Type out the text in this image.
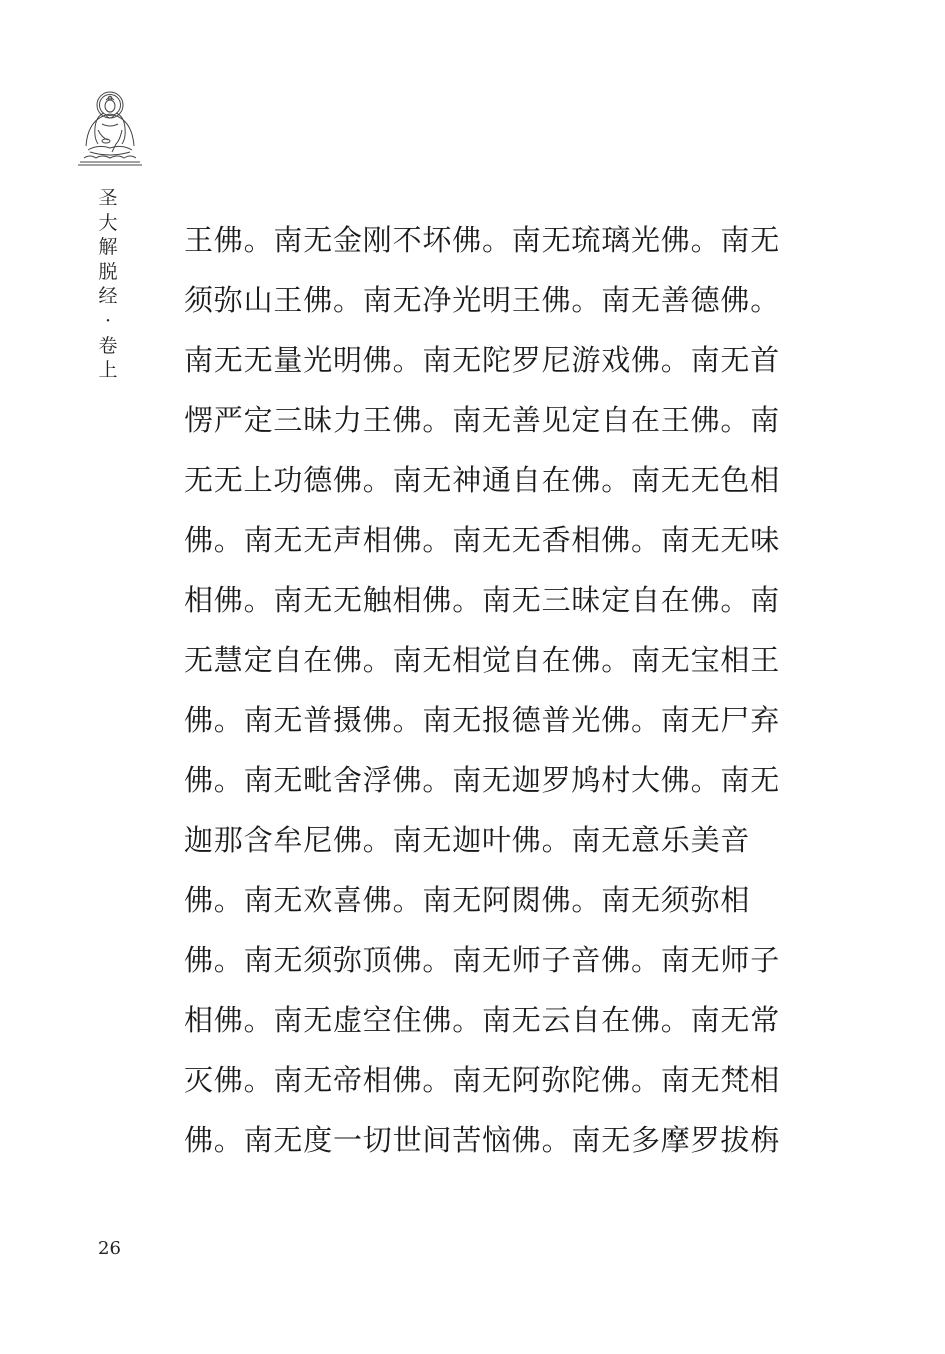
圣
大
解
脱
经
·
卷
上
王佛。南无金刚不坏佛。南无琉璃光佛。南无
须弥山王佛。南无净光明王佛。南无善德佛。
南无无量光明佛。南无陀罗尼游戏佛。南无首
愣严定三昧力王佛。南无善见定自在王佛。南
无无上功德佛。南无神通自在佛。南无无色相
佛。南无无声相佛。南无无香相佛。南无无味
相佛。南无无触相佛。南无三昧定自在佛。南
无慧定自在佛。南无相觉自在佛。南无宝相王
佛。南无普摄佛。南无报德普光佛。南无尸弃
佛。南无毗舍浮佛。南无迦罗鸠村大佛。南无
迦那含牟尼佛。南无迦叶佛。南无意乐美音
佛。南无欢喜佛。南无阿閦佛。南无须弥相
佛。南无须弥顶佛。南无师子音佛。南无师子
相佛。南无虚空住佛。南无云自在佛。南无常
灭佛。南无帝相佛。南无阿弥陀佛。南无梵相
佛。南无度一切世间苦恼佛。南无多摩罗拔栴
26
